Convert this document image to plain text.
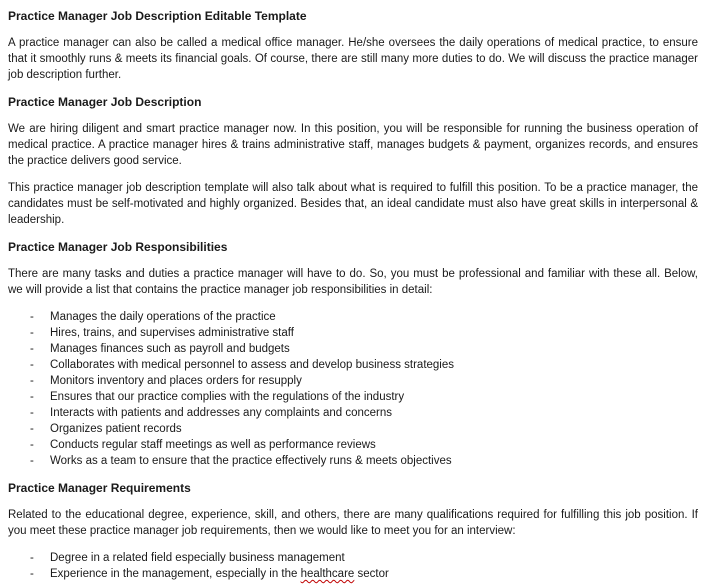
Practice Manager Job Description Editable Template

A practice manager can also be called a medical office manager. He/she oversees the daily operations of medical practice, to ensure that it smoothly runs & meets its financial goals. Of course, there are still many more duties to do. We will discuss the practice manager job description further.

Practice Manager Job Description

We are hiring diligent and smart practice manager now. In this position, you will be responsible for running the business operation of medical practice. A practice manager hires & trains administrative staff, manages budgets & payment, organizes records, and ensures the practice delivers good service.

This practice manager job description template will also talk about what is required to fulfill this position. To be a practice manager, the candidates must be self-motivated and highly organized. Besides that, an ideal candidate must also have great skills in interpersonal & leadership.

Practice Manager Job Responsibilities

There are many tasks and duties a practice manager will have to do. So, you must be professional and familiar with these all. Below, we will provide a list that contains the practice manager job responsibilities in detail:

-	Manages the daily operations of the practice
-	Hires, trains, and supervises administrative staff
-	Manages finances such as payroll and budgets
-	Collaborates with medical personnel to assess and develop business strategies
-	Monitors inventory and places orders for resupply
-	Ensures that our practice complies with the regulations of the industry
-	Interacts with patients and addresses any complaints and concerns
-	Organizes patient records
-	Conducts regular staff meetings as well as performance reviews
-	Works as a team to ensure that the practice effectively runs & meets objectives
Practice Manager Requirements

Related to the educational degree, experience, skill, and others, there are many qualifications required for fulfilling this job position. If you meet these practice manager job requirements, then we would like to meet you for an interview:

-	Degree in a related field especially business management
-	Experience in the management, especially in the healthcare sector
